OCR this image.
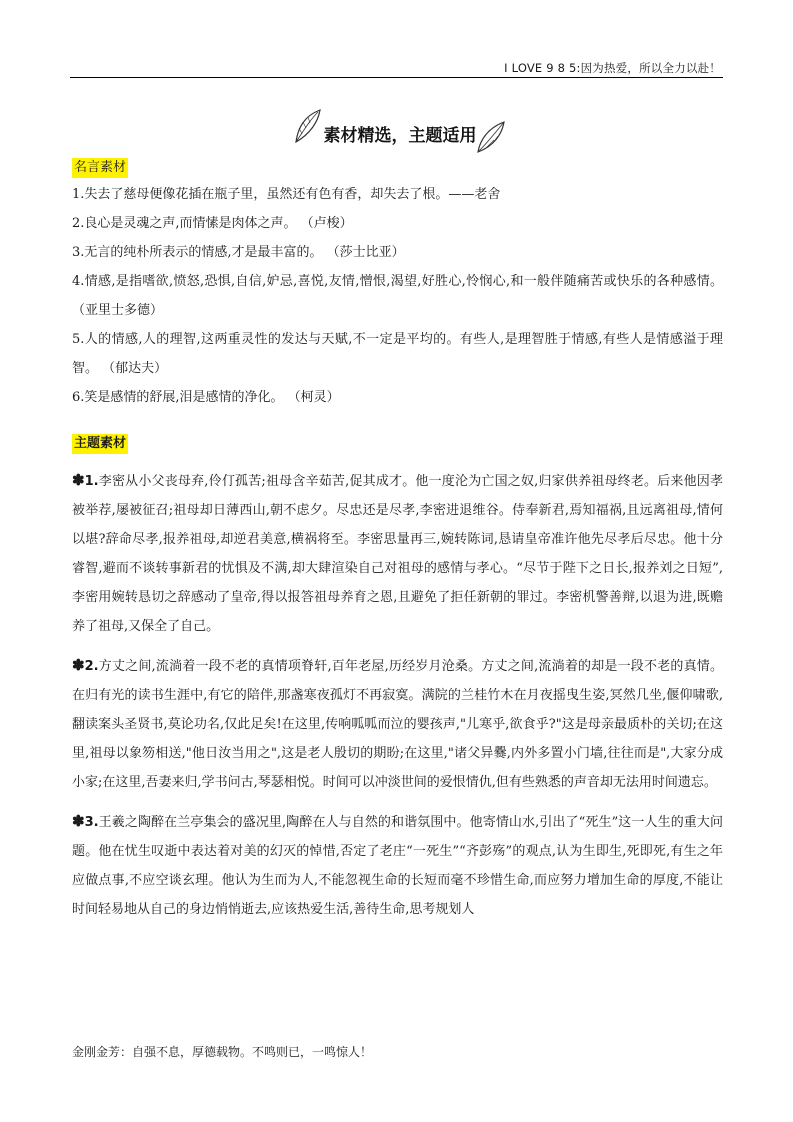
I LOVE 9 8 5:因为热爱，所以全力以赴！
素材精选，主题适用
名言素材

1.失去了慈母便像花插在瓶子里，虽然还有色有香，却失去了根。——老舍

2.良心是灵魂之声,而情愫是肉体之声。 （卢梭）

3.无言的纯朴所表示的情感,才是最丰富的。 （莎士比亚）

4.情感,是指嗜欲,愤怒,恐惧,自信,妒忌,喜悦,友情,憎恨,渴望,好胜心,怜悯心,和一般伴随痛苦或快乐的各种感情。 （亚里士多德）

5.人的情感,人的理智,这两重灵性的发达与天赋,不一定是平均的。有些人,是理智胜于情感,有些人是情感溢于理智。 （郁达夫）

6.笑是感情的舒展,泪是感情的净化。 （柯灵）

主题素材

✽1.李密从小父丧母弃,伶仃孤苦;祖母含辛茹苦,促其成才。他一度沦为亡国之奴,归家供养祖母终老。后来他因孝被举荐,屡被征召;祖母却日薄西山,朝不虑夕。尽忠还是尽孝,李密进退维谷。侍奉新君,焉知福祸,且远离祖母,情何以堪?辞命尽孝,报养祖母,却逆君美意,横祸将至。李密思量再三,婉转陈词,恳请皇帝准许他先尽孝后尽忠。他十分睿智,避而不谈转事新君的忧惧及不满,却大肆渲染自己对祖母的感情与孝心。“尽节于陛下之日长,报养刘之日短”,李密用婉转恳切之辞感动了皇帝,得以报答祖母养育之恩,且避免了拒任新朝的罪过。李密机警善辩,以退为进,既赡养了祖母,又保全了自己。

✽2.方丈之间,流淌着一段不老的真情项脊轩,百年老屋,历经岁月沧桑。方丈之间,流淌着的却是一段不老的真情。在归有光的读书生涯中,有它的陪伴,那盏寒夜孤灯不再寂寞。满院的兰桂竹木在月夜摇曳生姿,冥然几坐,偃仰啸歌,翻读案头圣贤书,莫论功名,仅此足矣!在这里,传响呱呱而泣的婴孩声,"儿寒乎,欲食乎?"这是母亲最质朴的关切;在这里,祖母以象笏相送,"他日汝当用之",这是老人殷切的期盼;在这里,"诸父异爨,内外多置小门墙,往往而是",大家分成小家;在这里,吾妻来归,学书问古,琴瑟相悦。时间可以冲淡世间的爱恨情仇,但有些熟悉的声音却无法用时间遗忘。

✽3.王羲之陶醉在兰亭集会的盛况里,陶醉在人与自然的和谐氛围中。他寄情山水,引出了“死生”这一人生的重大问题。他在忧生叹逝中表达着对美的幻灭的悼惜,否定了老庄“一死生”“齐彭殇”的观点,认为生即生,死即死,有生之年应做点事,不应空谈玄理。他认为生而为人,不能忽视生命的长短而毫不珍惜生命,而应努力增加生命的厚度,不能让时间轻易地从自己的身边悄悄逝去,应该热爱生活,善待生命,思考规划人

金刚金芳：自强不息，厚德载物。不鸣则已，一鸣惊人！
